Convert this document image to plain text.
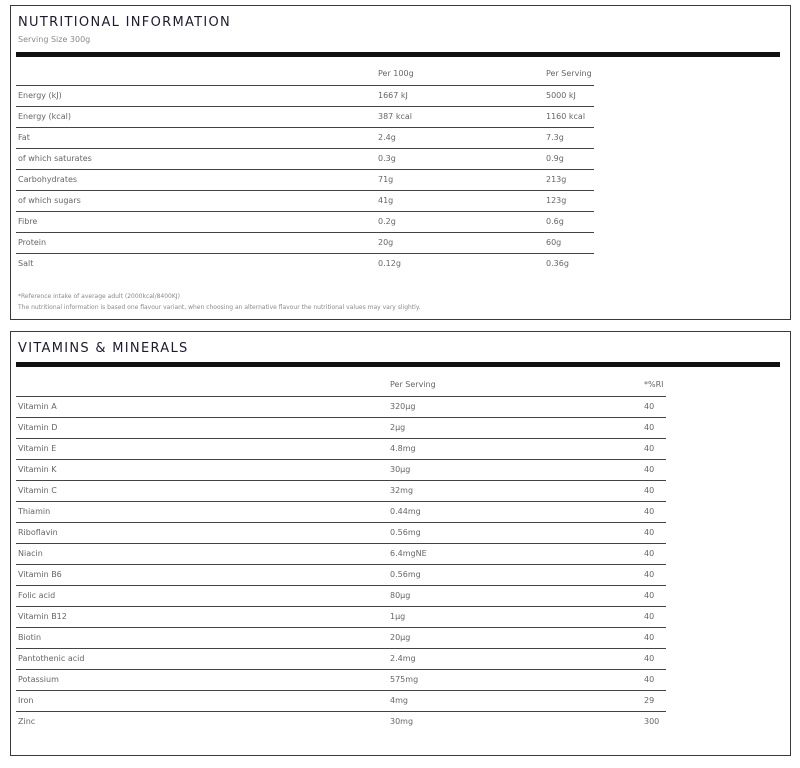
NUTRITIONAL INFORMATION
Serving Size 300g
	Per 100g	Per Serving
Energy (kJ)	1667 kJ	5000 kJ
Energy (kcal)	387 kcal	1160 kcal
Fat	2.4g	7.3g
of which saturates	0.3g	0.9g
Carbohydrates	71g	213g
of which sugars	41g	123g
Fibre	0.2g	0.6g
Protein	20g	60g
Salt	0.12g	0.36g
*Reference intake of average adult (2000kcal/8400KJ)
The nutritional information is based one flavour variant, when choosing an alternative flavour the nutritional values may vary slightly.
VITAMINS & MINERALS
	Per Serving	*%RI
Vitamin A	320µg	40
Vitamin D	2µg	40
Vitamin E	4.8mg	40
Vitamin K	30µg	40
Vitamin C	32mg	40
Thiamin	0.44mg	40
Riboflavin	0.56mg	40
Niacin	6.4mgNE	40
Vitamin B6	0.56mg	40
Folic acid	80µg	40
Vitamin B12	1µg	40
Biotin	20µg	40
Pantothenic acid	2.4mg	40
Potassium	575mg	40
Iron	4mg	29
Zinc	30mg	300
